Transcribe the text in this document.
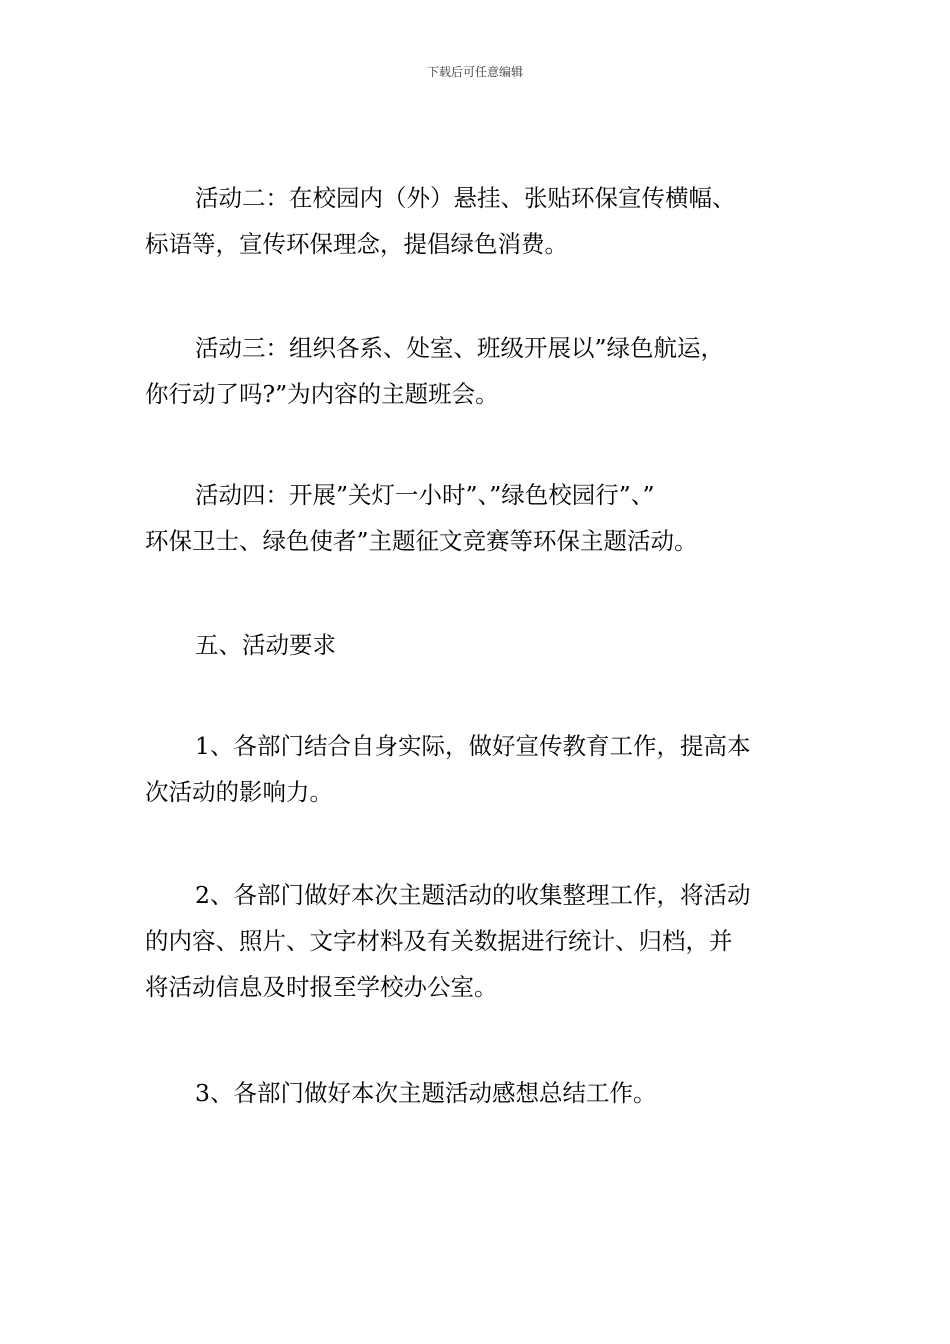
下载后可任意编辑
活动二：在校园内（外）悬挂、张贴环保宣传横幅、
标语等，宣传环保理念，提倡绿色消费。
活动三：组织各系、处室、班级开展以”绿色航运，
你行动了吗?”为内容的主题班会。
活动四：开展”关灯一小时”、”绿色校园行”、”
环保卫士、绿色使者”主题征文竞赛等环保主题活动。
五、活动要求
1、各部门结合自身实际，做好宣传教育工作，提高本
次活动的影响力。
2、各部门做好本次主题活动的收集整理工作，将活动
的内容、照片、文字材料及有关数据进行统计、归档，并
将活动信息及时报至学校办公室。
3、各部门做好本次主题活动感想总结工作。
